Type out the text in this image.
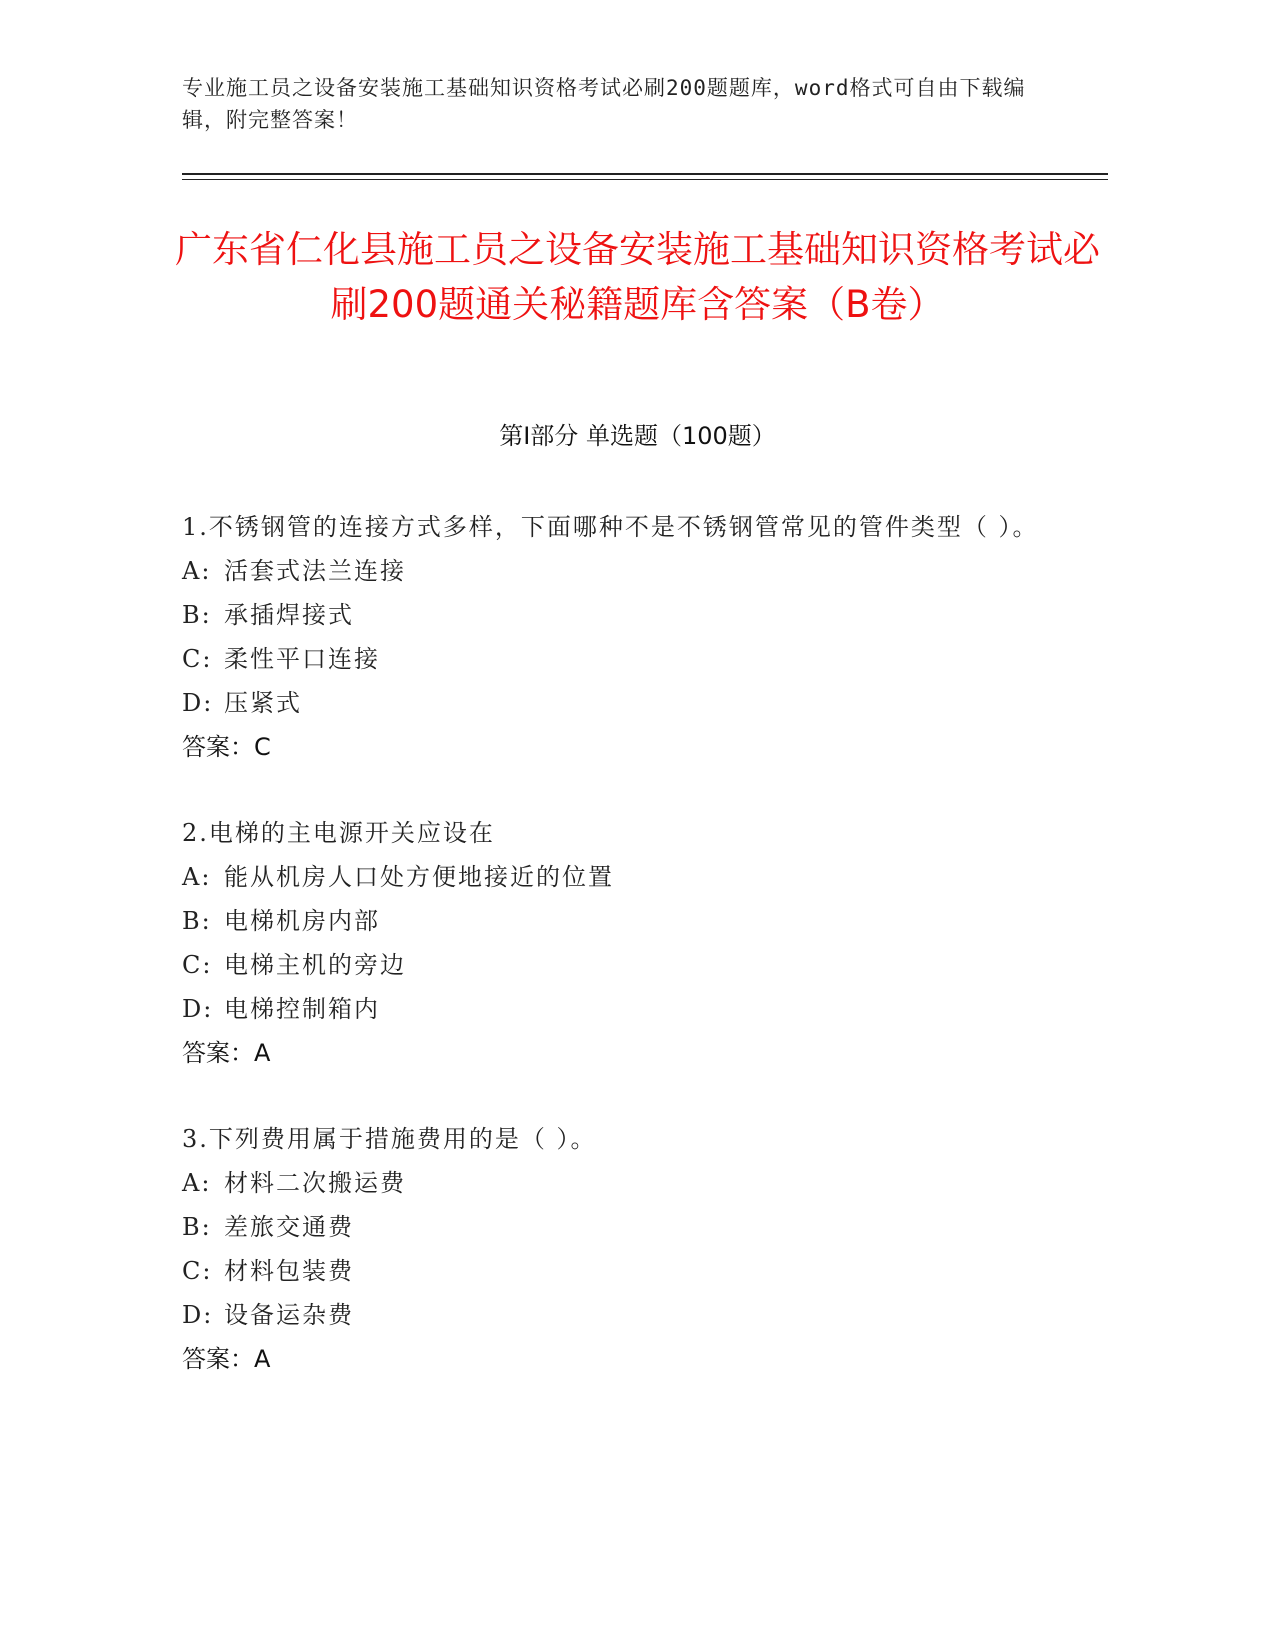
专业施工员之设备安装施工基础知识资格考试必刷200题题库，word格式可自由下载编辑，附完整答案！
广东省仁化县施工员之设备安装施工基础知识资格考试必刷200题通关秘籍题库含答案（B卷）
第Ⅰ部分 单选题（100题）
1.不锈钢管的连接方式多样，下面哪种不是不锈钢管常见的管件类型（ ）。
A: 活套式法兰连接
B: 承插焊接式
C: 柔性平口连接
D: 压紧式
答案：C
2.电梯的主电源开关应设在
A: 能从机房人口处方便地接近的位置
B: 电梯机房内部
C: 电梯主机的旁边
D: 电梯控制箱内
答案：A
3.下列费用属于措施费用的是（ ）。
A: 材料二次搬运费
B: 差旅交通费
C: 材料包装费
D: 设备运杂费
答案：A
